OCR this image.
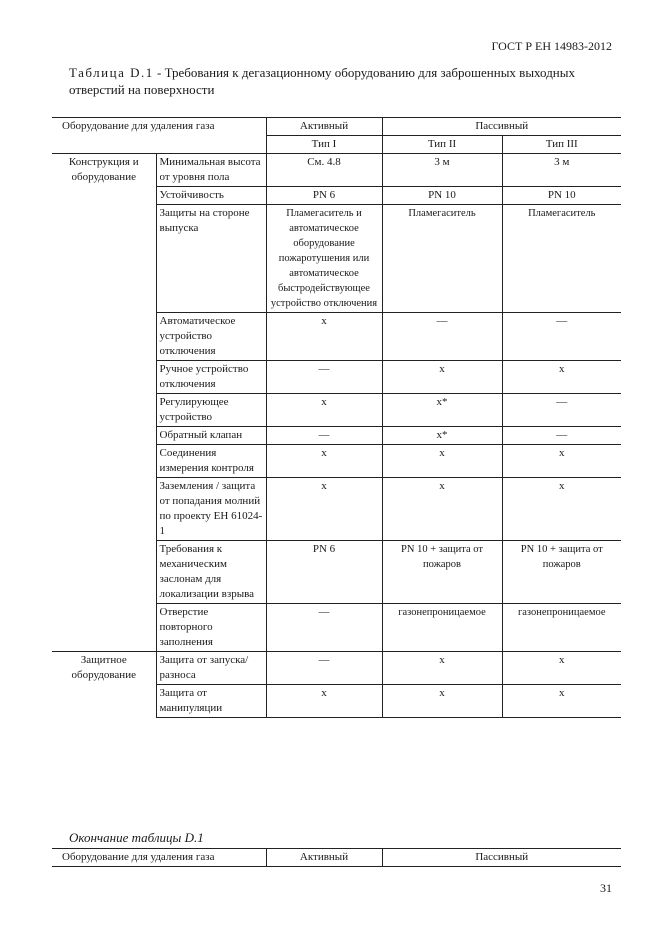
ГОСТ Р ЕН 14983-2012
Таблица D.1 - Требования к дегазационному оборудованию для заброшенных выходных отверстий на поверхности
Оборудование для удаления газа		Активный	Пассивный	
		Тип I	Тип II	Тип III
Конструкция и оборудование	Минимальная высота от уровня пола	См. 4.8	3 м	3 м
	Устойчивость	PN 6	PN 10	PN 10
	Защиты на стороне выпуска	Пламегаситель и автоматическое оборудование пожаротушения или автоматическое быстродействующее устройство отключения	Пламегаситель	Пламегаситель
	Автоматическое устройство отключения	х	—	—
	Ручное устройство отключения	—	х	х
	Регулирующее устройство	х	х*	—
	Обратный клапан	—	х*	—
	Соединения измерения контроля	х	х	х
	Заземления / защита от попадания молний по проекту ЕН 61024-1	х	х	х
	Требования к механическим заслонам для локализации взрыва	PN 6	PN 10 + защита от пожаров	PN 10 + защита от пожаров
	Отверстие повторного заполнения	—	газонепроницаемое	газонепроницаемое
Защитное оборудование	Защита от запуска/ разноса	—	х	х
	Защита от манипуляции	х	х	х
Окончание таблицы D.1
Оборудование для удаления газа	Активный	Пассивный
31
